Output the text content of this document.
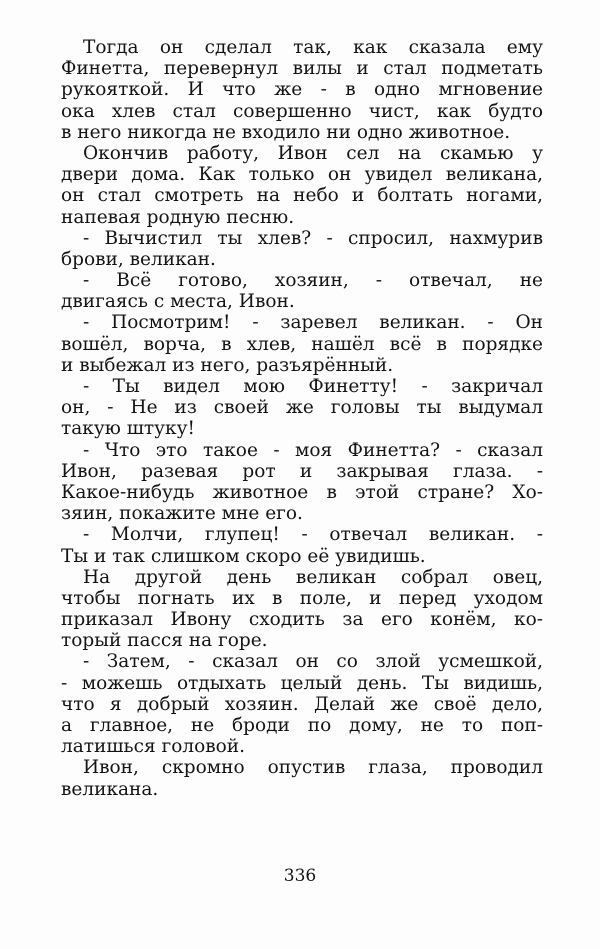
Тогда он сделал так, как сказала ему
Финетта, перевернул вилы и стал подметать
рукояткой. И что же - в одно мгновение
ока хлев стал совершенно чист, как будто
в него никогда не входило ни одно животное.
Окончив работу, Ивон сел на скамью у
двери дома. Как только он увидел великана,
он стал смотреть на небо и болтать ногами,
напевая родную песню.
- Вычистил ты хлев? - спросил, нахмурив
брови, великан.
- Всё готово, хозяин, - отвечал, не
двигаясь с места, Ивон.
- Посмотрим! - заревел великан. - Он
вошёл, ворча, в хлев, нашёл всё в порядке
и выбежал из него, разъярённый.
- Ты видел мою Финетту! - закричал
он, - Не из своей же головы ты выдумал
такую штуку!
- Что это такое - моя Финетта? - сказал
Ивон, разевая рот и закрывая глаза. -
Какое-нибудь животное в этой стране? Хо-
зяин, покажите мне его.
- Молчи, глупец! - отвечал великан. -
Ты и так слишком скоро её увидишь.
На другой день великан собрал овец,
чтобы погнать их в поле, и перед уходом
приказал Ивону сходить за его конём, ко-
торый пасся на горе.
- Затем, - сказал он со злой усмешкой,
- можешь отдыхать целый день. Ты видишь,
что я добрый хозяин. Делай же своё дело,
а главное, не броди по дому, не то поп-
латишься головой.
Ивон, скромно опустив глаза, проводил
великана.
336
